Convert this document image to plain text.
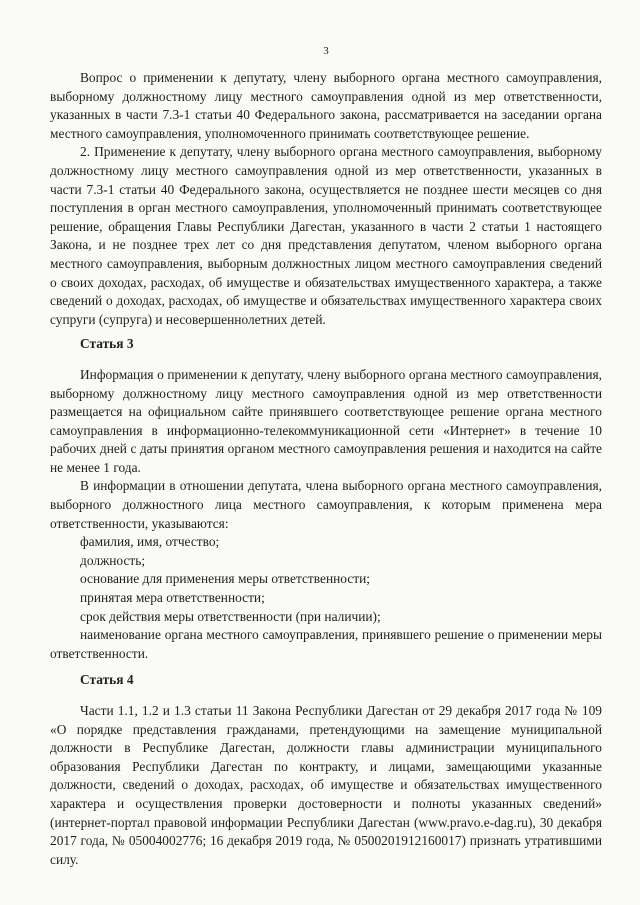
3

Вопрос о применении к депутату, члену выборного органа местного самоуправления, выборному должностному лицу местного самоуправления одной из мер ответственности, указанных в части 7.3-1 статьи 40 Федерального закона, рассматривается на заседании органа местного самоуправления, уполномоченного принимать соответствующее решение.

2. Применение к депутату, члену выборного органа местного самоуправления, выборному должностному лицу местного самоуправления одной из мер ответственности, указанных в части 7.3-1 статьи 40 Федерального закона, осуществляется не позднее шести месяцев со дня поступления в орган местного самоуправления, уполномоченный принимать соответствующее решение, обращения Главы Республики Дагестан, указанного в части 2 статьи 1 настоящего Закона, и не позднее трех лет со дня представления депутатом, членом выборного органа местного самоуправления, выборным должностных лицом местного самоуправления сведений о своих доходах, расходах, об имуществе и обязательствах имущественного характера, а также сведений о доходах, расходах, об имуществе и обязательствах имущественного характера своих супруги (супруга) и несовершеннолетних детей.

Статья 3

Информация о применении к депутату, члену выборного органа местного самоуправления, выборному должностному лицу местного самоуправления одной из мер ответственности размещается на официальном сайте принявшего соответствующее решение органа местного самоуправления в информационно-телекоммуникационной сети «Интернет» в течение 10 рабочих дней с даты принятия органом местного самоуправления решения и находится на сайте не менее 1 года.

В информации в отношении депутата, члена выборного органа местного самоуправления, выборного должностного лица местного самоуправления, к которым применена мера ответственности, указываются:

фамилия, имя, отчество;

должность;

основание для применения меры ответственности;

принятая мера ответственности;

срок действия меры ответственности (при наличии);

наименование органа местного самоуправления, принявшего решение о применении меры ответственности.

Статья 4

Части 1.1, 1.2 и 1.3 статьи 11 Закона Республики Дагестан от 29 декабря 2017 года № 109 «О порядке представления гражданами, претендующими на замещение муниципальной должности в Республике Дагестан, должности главы администрации муниципального образования Республики Дагестан по контракту, и лицами, замещающими указанные должности, сведений о доходах, расходах, об имуществе и обязательствах имущественного характера и осуществления проверки достоверности и полноты указанных сведений» (интернет-портал правовой информации Республики Дагестан (www.pravo.e-dag.ru), 30 декабря 2017 года, № 05004002776; 16 декабря 2019 года, № 0500201912160017) признать утратившими силу.
